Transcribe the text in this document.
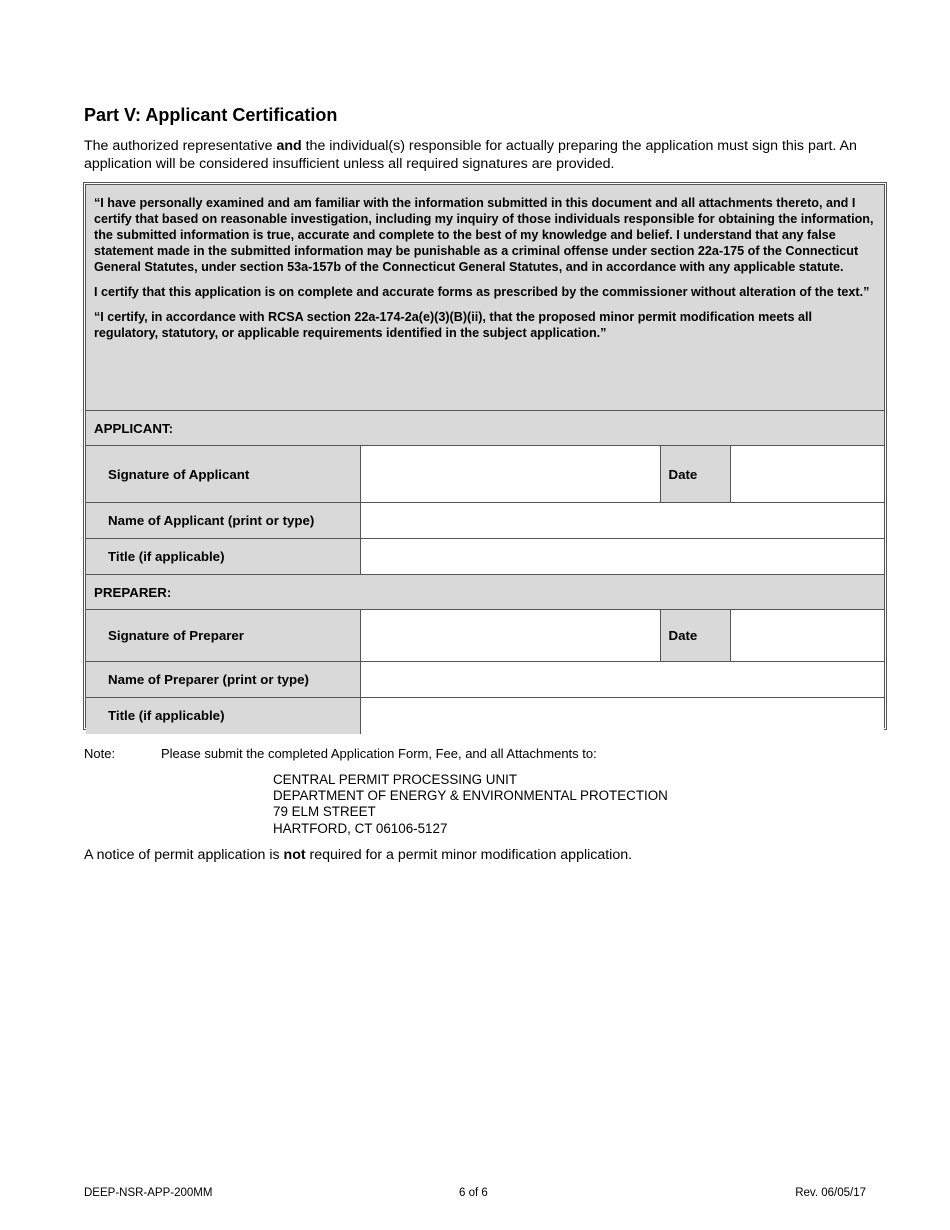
Part V: Applicant Certification

The authorized representative and the individual(s) responsible for actually preparing the application must sign this part. An application will be considered insufficient unless all required signatures are provided.

“I have personally examined and am familiar with the information submitted in this document and all attachments thereto, and I certify that based on reasonable investigation, including my inquiry of those individuals responsible for obtaining the information, the submitted information is true, accurate and complete to the best of my knowledge and belief. I understand that any false statement made in the submitted information may be punishable as a criminal offense under section 22a-175 of the Connecticut General Statutes, under section 53a-157b of the Connecticut General Statutes, and in accordance with any applicable statute.

I certify that this application is on complete and accurate forms as prescribed by the commissioner without alteration of the text.”

“I certify, in accordance with RCSA section 22a-174-2a(e)(3)(B)(ii), that the proposed minor permit modification meets all regulatory, statutory, or applicable requirements identified in the subject application.”

APPLICANT:			
Signature of Applicant		Date	
Name of Applicant (print or type)			
Title (if applicable)			
PREPARER:			
Signature of Preparer		Date	
Name of Preparer (print or type)			
Title (if applicable)			
Note:	Please submit the completed Application Form, Fee, and all Attachments to:
CENTRAL PERMIT PROCESSING UNIT
DEPARTMENT OF ENERGY & ENVIRONMENTAL PROTECTION
79 ELM STREET
HARTFORD, CT 06106-5127
A notice of permit application is not required for a permit minor modification application.
DEEP-NSR-APP-200MM	6 of 6	Rev. 06/05/17
